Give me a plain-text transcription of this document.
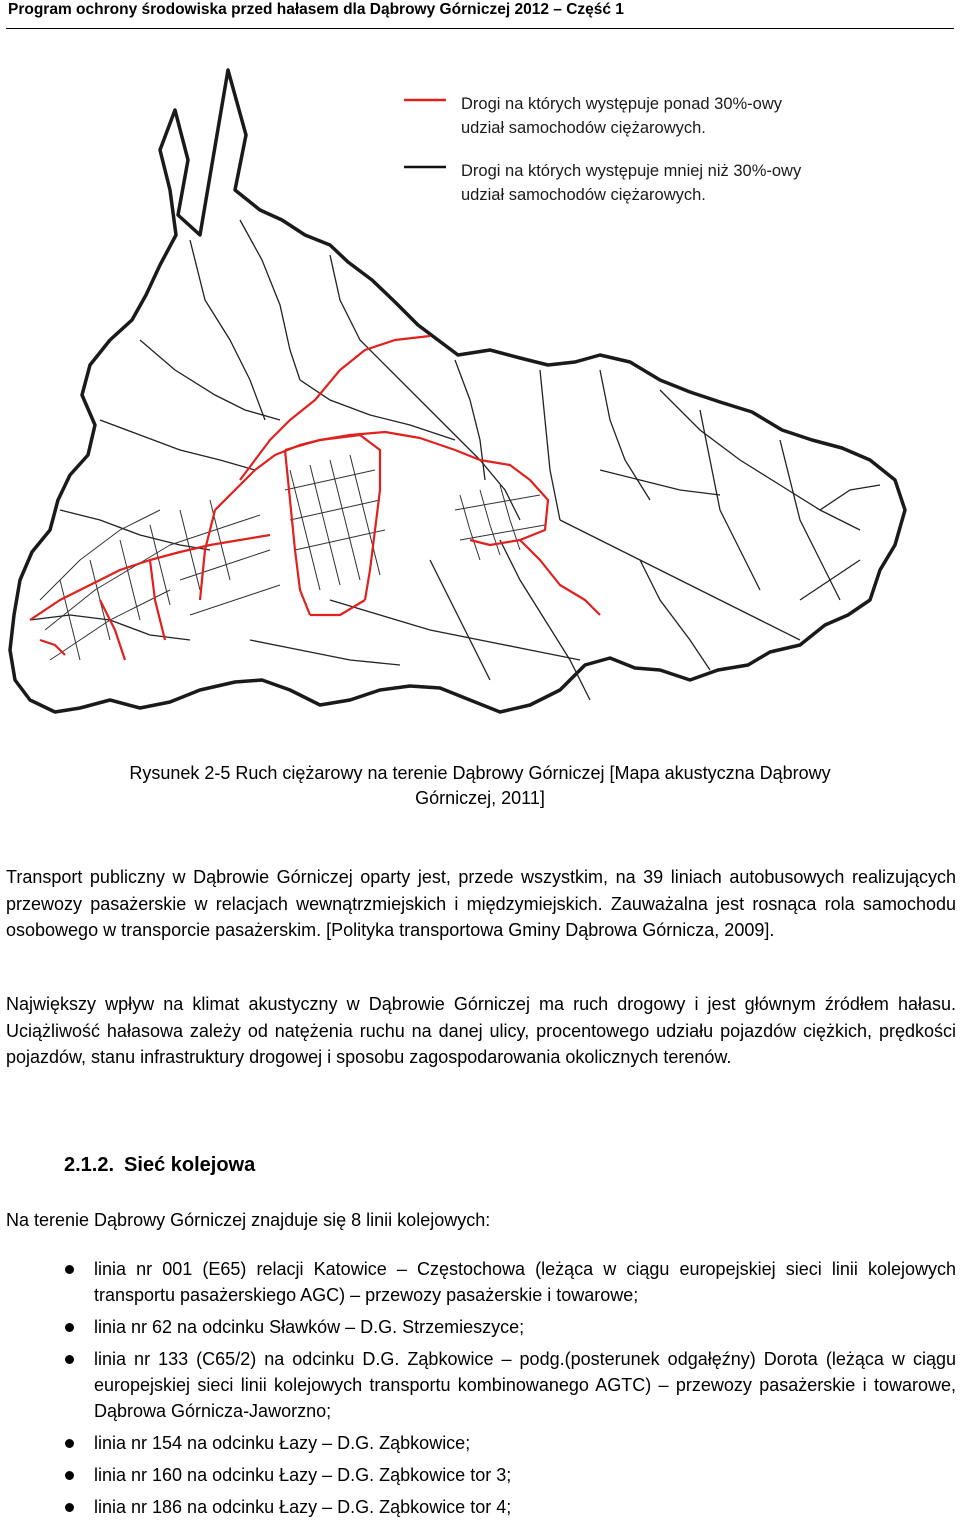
Program ochrony środowiska przed hałasem dla Dąbrowy Górniczej 2012 – Część 1
Drogi na których występuje ponad 30%-owy
udział samochodów ciężarowych.
Drogi na których występuje mniej niż 30%-owy
udział samochodów ciężarowych.
Rysunek 2-5 Ruch ciężarowy na terenie Dąbrowy Górniczej [Mapa akustyczna Dąbrowy
Górniczej, 2011]

Transport publiczny w Dąbrowie Górniczej oparty jest, przede wszystkim, na 39 liniach autobusowych realizujących przewozy pasażerskie w relacjach wewnątrzmiejskich i międzymiejskich. Zauważalna jest rosnąca rola samochodu osobowego w transporcie pasażerskim. [Polityka transportowa Gminy Dąbrowa Górnicza, 2009].

Największy wpływ na klimat akustyczny w Dąbrowie Górniczej ma ruch drogowy i jest głównym źródłem hałasu. Uciążliwość hałasowa zależy od natężenia ruchu na danej ulicy, procentowego udziału pojazdów ciężkich, prędkości pojazdów, stanu infrastruktury drogowej i sposobu zagospodarowania okolicznych terenów.

2.1.2. Sieć kolejowa

Na terenie Dąbrowy Górniczej znajduje się 8 linii kolejowych:

linia nr 001 (E65) relacji Katowice – Częstochowa (leżąca w ciągu europejskiej sieci linii kolejowych transportu pasażerskiego AGC) – przewozy pasażerskie i towarowe;
linia nr 62 na odcinku Sławków – D.G. Strzemieszyce;
linia nr 133 (C65/2) na odcinku D.G. Ząbkowice – podg.(posterunek odgałęźny) Dorota (leżąca w ciągu europejskiej sieci linii kolejowych transportu kombinowanego AGTC) – przewozy pasażerskie i towarowe, Dąbrowa Górnicza-Jaworzno;
linia nr 154 na odcinku Łazy – D.G. Ząbkowice;
linia nr 160 na odcinku Łazy – D.G. Ząbkowice tor 3;
linia nr 186 na odcinku Łazy – D.G. Ząbkowice tor 4;
